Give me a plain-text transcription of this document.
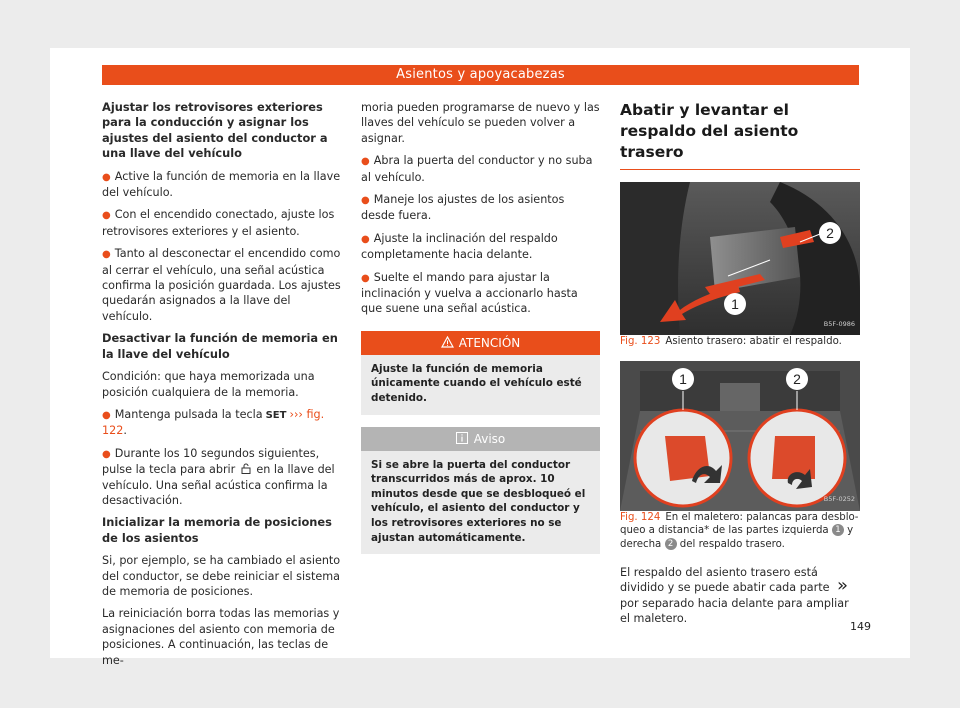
Asientos y apoyacabezas

Ajustar los retrovisores exteriores para la conducción y asignar los ajustes del asiento del conductor a una llave del vehículo

● Active la función de memoria en la llave del vehículo.

● Con el encendido conectado, ajuste los retrovisores exteriores y el asiento.

● Tanto al desconectar el encendido como al cerrar el vehículo, una señal acústica confirma la posición guardada. Los ajustes quedarán asignados a la llave del vehículo.

Desactivar la función de memoria en la llave del vehículo

Condición: que haya memorizada una posición cualquiera de la memoria.

● Mantenga pulsada la tecla SET ››› fig. 122.

● Durante los 10 segundos siguientes, pulse la tecla para abrir en la llave del vehículo. Una señal acústica confirma la desactivación.

Inicializar la memoria de posiciones de los asientos

Si, por ejemplo, se ha cambiado el asiento del conductor, se debe reiniciar el sistema de memoria de posiciones.

La reiniciación borra todas las memorias y asignaciones del asiento con memoria de posiciones. A continuación, las teclas de me-

moria pueden programarse de nuevo y las llaves del vehículo se pueden volver a asignar.

● Abra la puerta del conductor y no suba al vehículo.

● Maneje los ajustes de los asientos desde fuera.

● Ajuste la inclinación del respaldo completamente hacia delante.

● Suelte el mando para ajustar la inclinación y vuelva a accionarlo hasta que suene una señal acústica.

ATENCIÓN
Ajuste la función de memoria únicamente cuando el vehículo esté detenido.
Aviso
Si se abre la puerta del conductor transcurridos más de aprox. 10 minutos desde que se desbloqueó el vehículo, el asiento del conductor y los retrovisores exteriores no se ajustan automáticamente.
Abatir y levantar el respaldo del asiento trasero
1
2
B5F-0986

Fig. 123 Asiento trasero: abatir el respaldo.

1	2
B5F-0252

Fig. 124 En el maletero: palancas para desbloqueo a distancia* de las partes izquierda 1 y derecha 2 del respaldo trasero.

El respaldo del asiento trasero está dividido y se puede abatir cada parte por separado hacia delante para ampliar el maletero.

»
149
